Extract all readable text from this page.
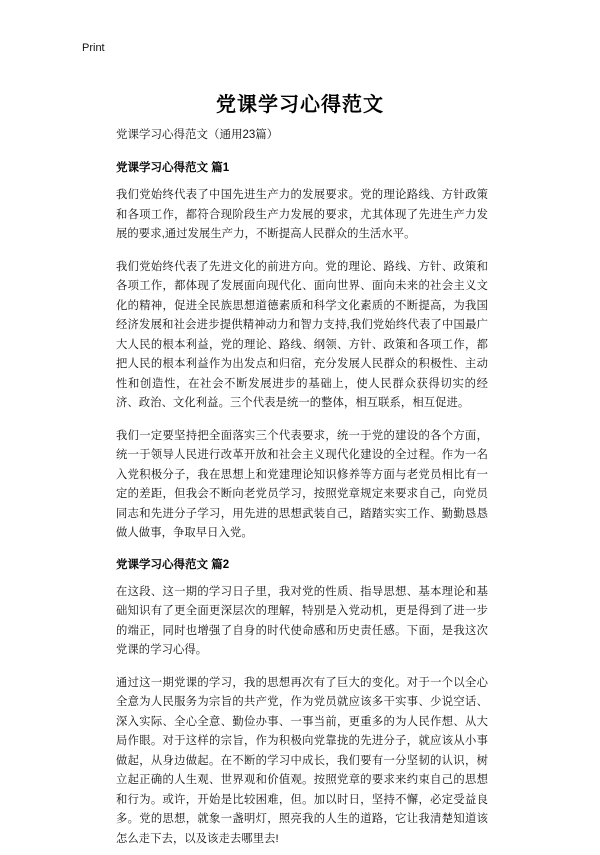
Print
党课学习心得范文
党课学习心得范文（通用23篇）
党课学习心得范文 篇1

我们党始终代表了中国先进生产力的发展要求。党的理论路线、方针政策和各项工作，都符合现阶段生产力发展的要求，尤其体现了先进生产力发展的要求,通过发展生产力，不断提高人民群众的生活水平。

我们党始终代表了先进文化的前进方向。党的理论、路线、方针、政策和各项工作，都体现了发展面向现代化、面向世界、面向未来的社会主义文化的精神，促进全民族思想道德素质和科学文化素质的不断提高，为我国经济发展和社会进步提供精神动力和智力支持,我们党始终代表了中国最广大人民的根本利益，党的理论、路线、纲领、方针、政策和各项工作，都把人民的根本利益作为出发点和归宿，充分发展人民群众的积极性、主动性和创造性，在社会不断发展进步的基础上，使人民群众获得切实的经济、政治、文化利益。三个代表是统一的整体，相互联系，相互促进。

我们一定要坚持把全面落实三个代表要求，统一于党的建设的各个方面，统一于领导人民进行改革开放和社会主义现代化建设的全过程。作为一名入党积极分子，我在思想上和党建理论知识修养等方面与老党员相比有一定的差距，但我会不断向老党员学习，按照党章规定来要求自己，向党员同志和先进分子学习，用先进的思想武装自己，踏踏实实工作、勤勤恳恳做人做事，争取早日入党。

党课学习心得范文 篇2

在这段、这一期的学习日子里，我对党的性质、指导思想、基本理论和基础知识有了更全面更深层次的理解，特别是入党动机，更是得到了进一步的端正，同时也增强了自身的时代使命感和历史责任感。下面，是我这次党课的学习心得。

通过这一期党课的学习，我的思想再次有了巨大的变化。对于一个以全心全意为人民服务为宗旨的共产党，作为党员就应该多干实事、少说空话、深入实际、全心全意、勤俭办事、一事当前，更重多的为人民作想、从大局作眼。对于这样的宗旨，作为积极向党靠拢的先进分子，就应该从小事做起，从身边做起。在不断的学习中成长，我们要有一分坚韧的认识，树立起正确的人生观、世界观和价值观。按照党章的要求来约束自己的思想和行为。或许，开始是比较困难，但。加以时日，坚持不懈，必定受益良多。党的思想，就象一盏明灯，照亮我的人生的道路，它让我清楚知道该怎么走下去，以及该走去哪里去!
